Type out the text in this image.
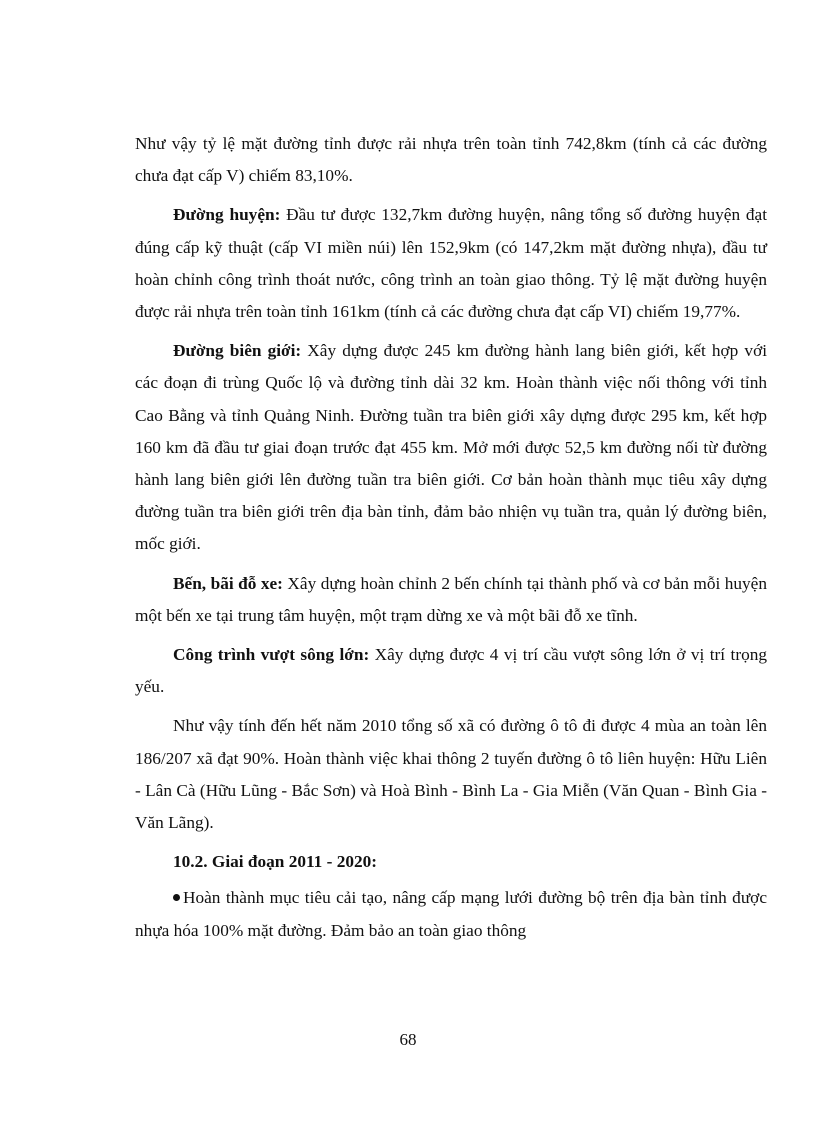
Như vậy tỷ lệ mặt đường tỉnh được rải nhựa trên toàn tỉnh 742,8km (tính cả các đường chưa đạt cấp V) chiếm 83,10%.

Đường huyện: Đầu tư được 132,7km đường huyện, nâng tổng số đường huyện đạt đúng cấp kỹ thuật (cấp VI miền núi) lên 152,9km (có 147,2km mặt đường nhựa), đầu tư hoàn chỉnh công trình thoát nước, công trình an toàn giao thông. Tỷ lệ mặt đường huyện được rải nhựa trên toàn tỉnh 161km (tính cả các đường chưa đạt cấp VI) chiếm 19,77%.

Đường biên giới: Xây dựng được 245 km đường hành lang biên giới, kết hợp với các đoạn đi trùng Quốc lộ và đường tỉnh dài 32 km. Hoàn thành việc nối thông với tỉnh Cao Bằng và tỉnh Quảng Ninh. Đường tuần tra biên giới xây dựng được 295 km, kết hợp 160 km đã đầu tư giai đoạn trước đạt 455 km. Mở mới được 52,5 km đường nối từ đường hành lang biên giới lên đường tuần tra biên giới. Cơ bản hoàn thành mục tiêu xây dựng đường tuần tra biên giới trên địa bàn tỉnh, đảm bảo nhiện vụ tuần tra, quản lý đường biên, mốc giới.

Bến, bãi đỗ xe: Xây dựng hoàn chỉnh 2 bến chính tại thành phố và cơ bản mỗi huyện một bến xe tại trung tâm huyện, một trạm dừng xe và một bãi đỗ xe tĩnh.

Công trình vượt sông lớn: Xây dựng được 4 vị trí cầu vượt sông lớn ở vị trí trọng yếu.

Như vậy tính đến hết năm 2010 tổng số xã có đường ô tô đi được 4 mùa an toàn lên 186/207 xã đạt 90%. Hoàn thành việc khai thông 2 tuyến đường ô tô liên huyện: Hữu Liên - Lân Cà (Hữu Lũng - Bắc Sơn) và Hoà Bình - Bình La - Gia Miễn (Văn Quan - Bình Gia - Văn Lãng).

10.2. Giai đoạn 2011 - 2020:

Hoàn thành mục tiêu cải tạo, nâng cấp mạng lưới đường bộ trên địa bàn tỉnh được nhựa hóa 100% mặt đường. Đảm bảo an toàn giao thông

68
